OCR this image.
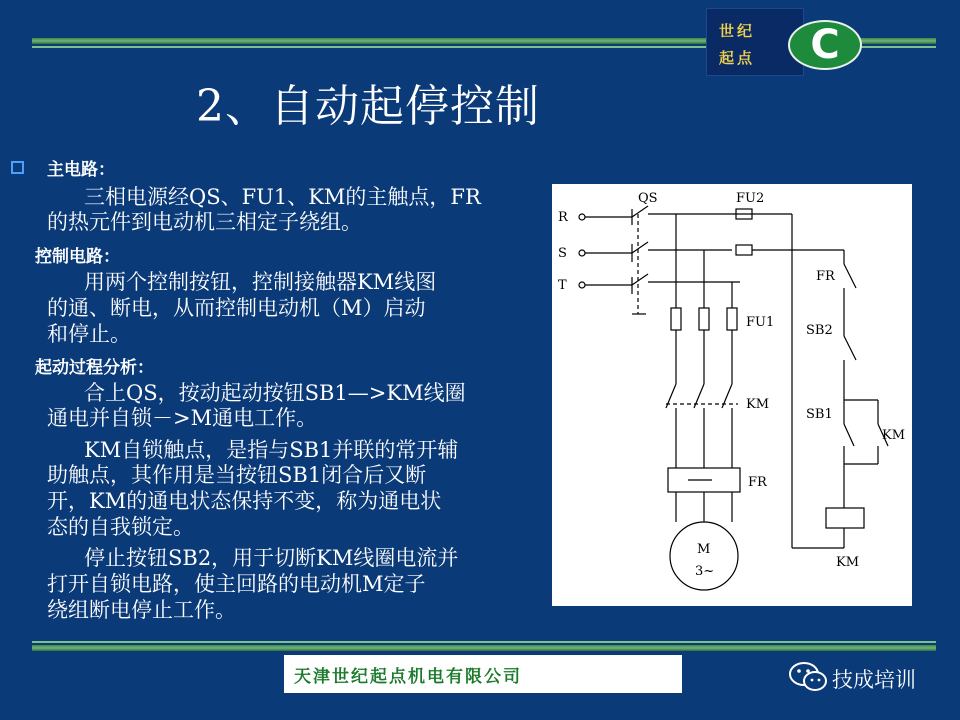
世纪
起点	C
2、自动起停控制
主电路：
三相电源经QS、FU1、KM的主触点，FR
的热元件到电动机三相定子绕组。
控制电路：
用两个控制按钮，控制接触器KM线图
的通、断电，从而控制电动机（M）启动
和停止。
起动过程分析：
合上QS，按动起动按钮SB1—>KM线圈
通电并自锁－>M通电工作。
KM自锁触点，是指与SB1并联的常开辅
助触点，其作用是当按钮SB1闭合后又断
开，KM的通电状态保持不变，称为通电状
态的自我锁定。
停止按钮SB2，用于切断KM线圈电流并
打开自锁电路，使主回路的电动机M定子
绕组断电停止工作。
R
S
T
QS	FU2
FU1
KM
FR
FR
SB2
SB1
KM
KM
M
3~
天津世纪起点机电有限公司	技成培训
